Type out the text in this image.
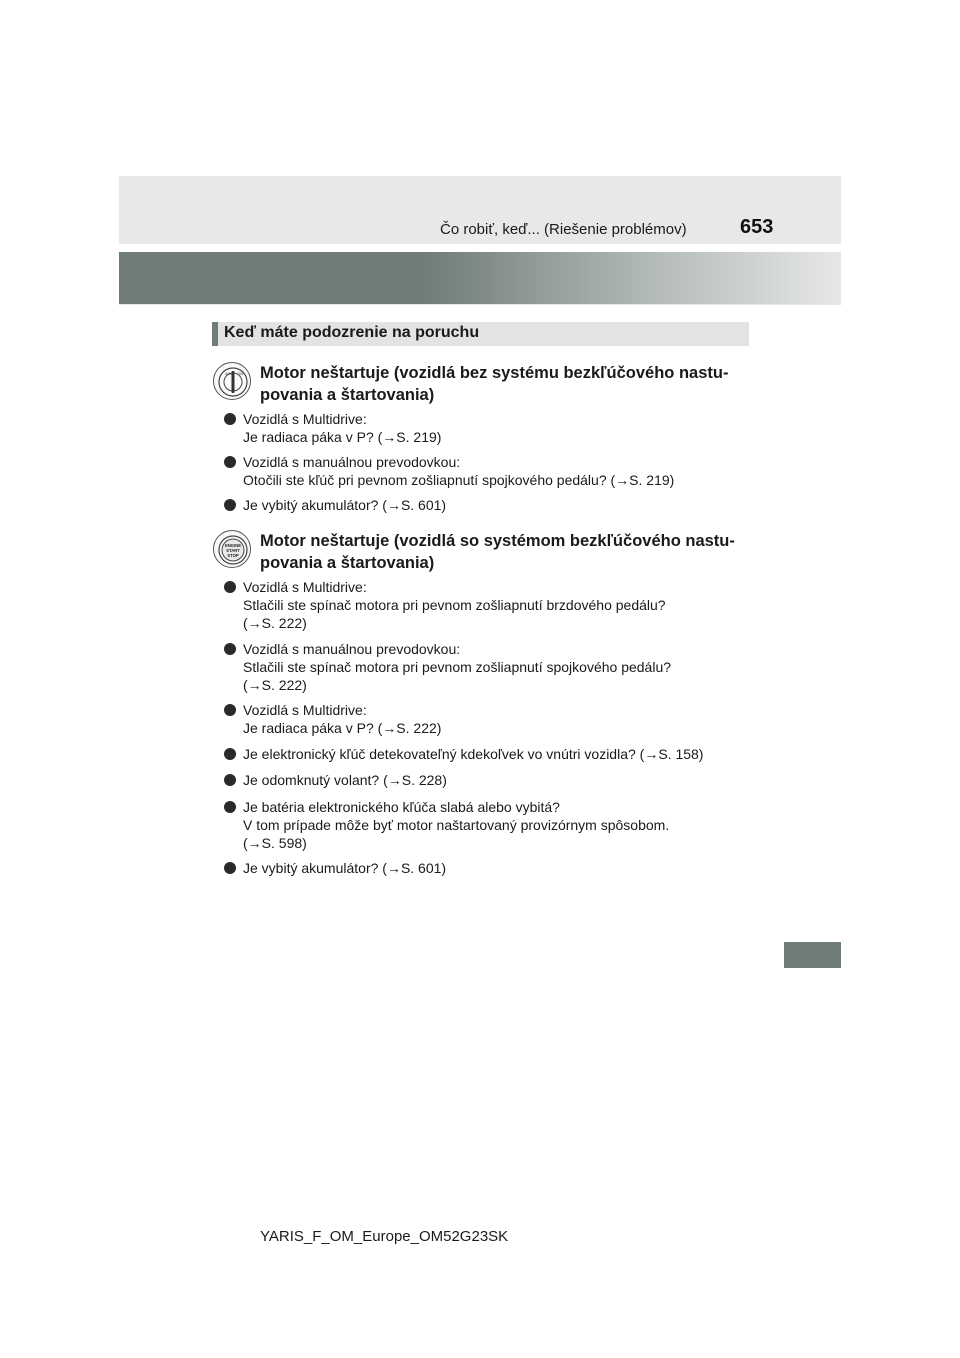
Čo robiť, keď... (Riešenie problémov)	653
Keď máte podozrenie na poruchu
ACC ON Motor neštartuje (vozidlá bez systému bezkľúčového nastu-
povania a štartovania)
Vozidlá s Multidrive:
Je radiaca páka v P? (→S. 219)
Vozidlá s manuálnou prevodovkou:
Otočili ste kľúč pri pevnom zošliapnutí spojkového pedálu? (→S. 219)
Je vybitý akumulátor? (→S. 601)
ENGINE
START
STOP
Motor neštartuje (vozidlá so systémom bezkľúčového nastu-
povania a štartovania)
Vozidlá s Multidrive:
Stlačili ste spínač motora pri pevnom zošliapnutí brzdového pedálu?
(→S. 222)
Vozidlá s manuálnou prevodovkou:
Stlačili ste spínač motora pri pevnom zošliapnutí spojkového pedálu?
(→S. 222)
Vozidlá s Multidrive:
Je radiaca páka v P? (→S. 222)
Je elektronický kľúč detekovateľný kdekoľvek vo vnútri vozidla? (→S. 158)
Je odomknutý volant? (→S. 228)
Je batéria elektronického kľúča slabá alebo vybitá?
V tom prípade môže byť motor naštartovaný provizórnym spôsobom.
(→S. 598)
Je vybitý akumulátor? (→S. 601)
YARIS_F_OM_Europe_OM52G23SK
